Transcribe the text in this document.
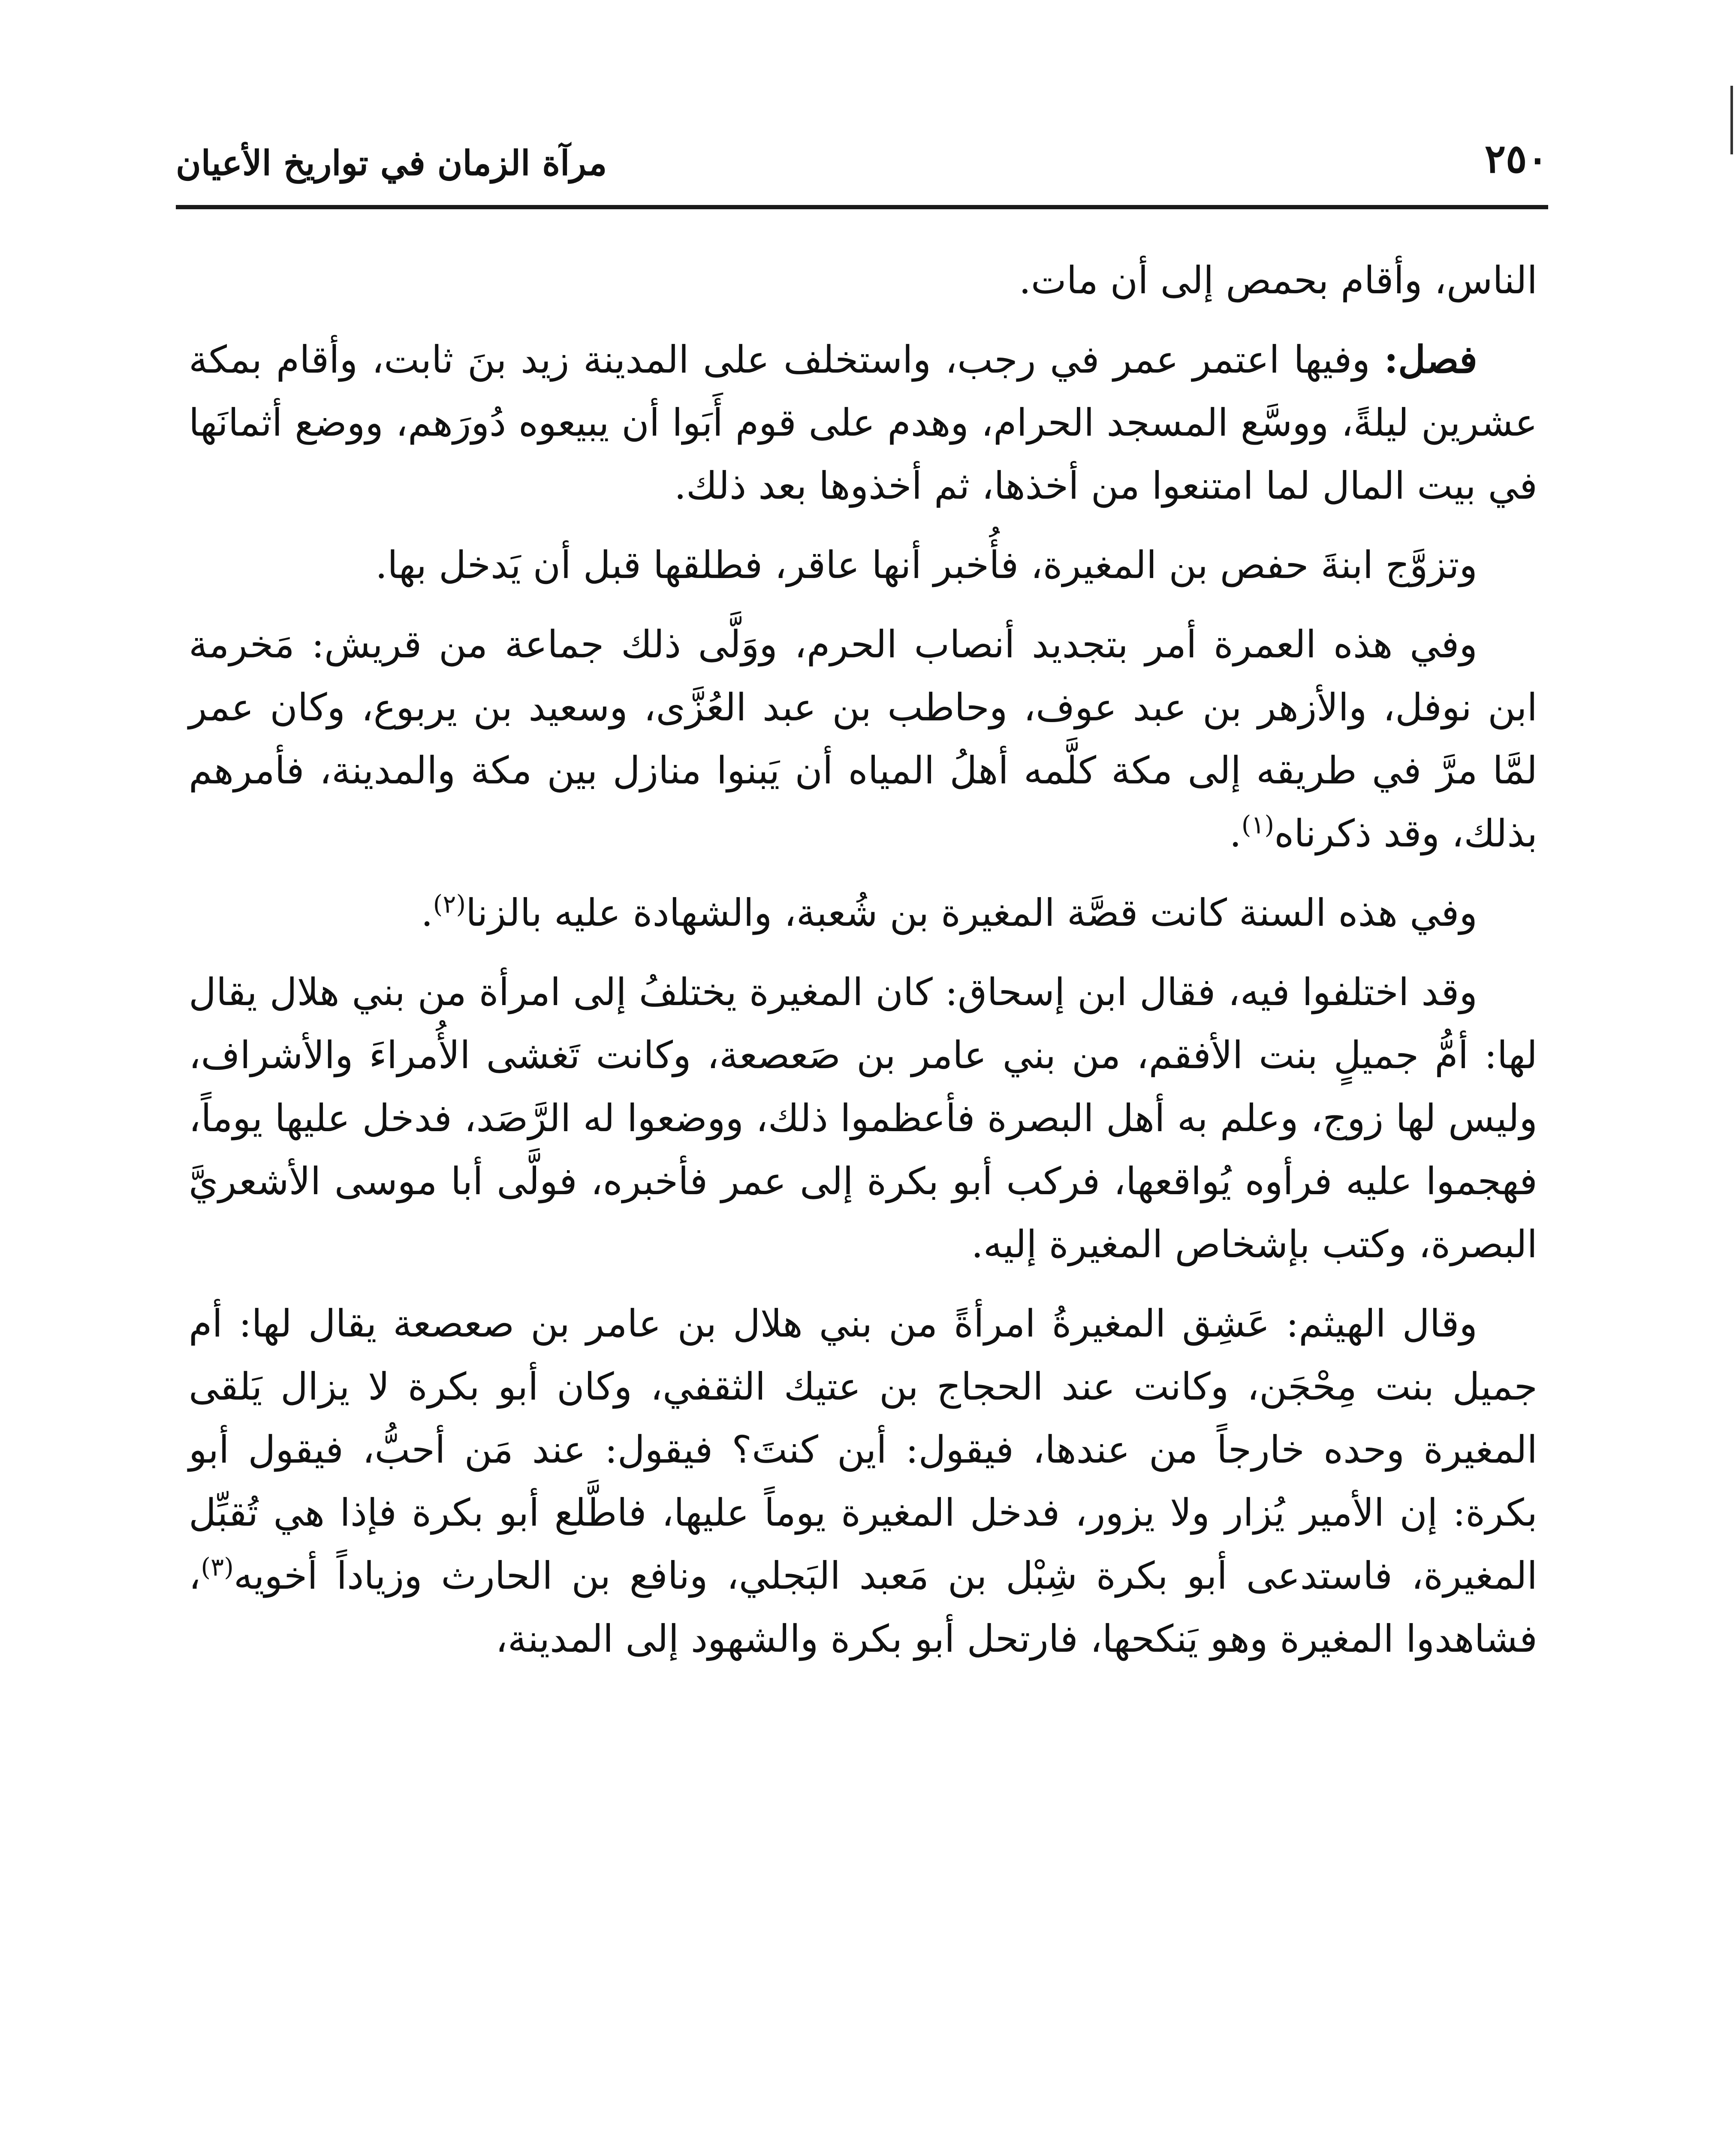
٢٥٠
مرآة الزمان في تواريخ الأعيان

الناس، وأقام بحمص إلى أن مات.

فصل: وفيها اعتمر عمر في رجب، واستخلف على المدينة زيد بنَ ثابت، وأقام بمكة عشرين ليلةً، ووسَّع المسجد الحرام، وهدم على قوم أَبَوا أن يبيعوه دُورَهم، ووضع أثمانَها في بيت المال لما امتنعوا من أخذها، ثم أخذوها بعد ذلك.

وتزوَّج ابنةَ حفص بن المغيرة، فأُخبر أنها عاقر، فطلقها قبل أن يَدخل بها.

وفي هذه العمرة أمر بتجديد أنصاب الحرم، ووَلَّى ذلك جماعة من قريش: مَخرمة ابن نوفل، والأزهر بن عبد عوف، وحاطب بن عبد العُزَّى، وسعيد بن يربوع، وكان عمر لمَّا مرَّ في طريقه إلى مكة كلَّمه أهلُ المياه أن يَبنوا منازل بين مكة والمدينة، فأمرهم بذلك، وقد ذكرناه$^{(١)}$.

وفي هذه السنة كانت قصَّة المغيرة بن شُعبة، والشهادة عليه بالزنا$^{(٢)}$.

وقد اختلفوا فيه، فقال ابن إسحاق: كان المغيرة يختلفُ إلى امرأة من بني هلال يقال لها: أمُّ جميلٍ بنت الأفقم، من بني عامر بن صَعصعة، وكانت تَغشى الأُمراءَ والأشراف، وليس لها زوج، وعلم به أهل البصرة فأعظموا ذلك، ووضعوا له الرَّصَد، فدخل عليها يوماً، فهجموا عليه فرأوه يُواقعها، فركب أبو بكرة إلى عمر فأخبره، فولَّى أبا موسى الأشعريَّ البصرة، وكتب بإشخاص المغيرة إليه.

وقال الهيثم: عَشِق المغيرةُ امرأةً من بني هلال بن عامر بن صعصعة يقال لها: أم جميل بنت مِحْجَن، وكانت عند الحجاج بن عتيك الثقفي، وكان أبو بكرة لا يزال يَلقى المغيرة وحده خارجاً من عندها، فيقول: أين كنتَ؟ فيقول: عند مَن أحبُّ، فيقول أبو بكرة: إن الأمير يُزار ولا يزور، فدخل المغيرة يوماً عليها، فاطَّلع أبو بكرة فإذا هي تُقبِّل المغيرة، فاستدعى أبو بكرة شِبْل بن مَعبد البَجلي، ونافع بن الحارث وزياداً أخويه$^{(٣)}$، فشاهدوا المغيرة وهو يَنكحها، فارتحل أبو بكرة والشهود إلى المدينة،
